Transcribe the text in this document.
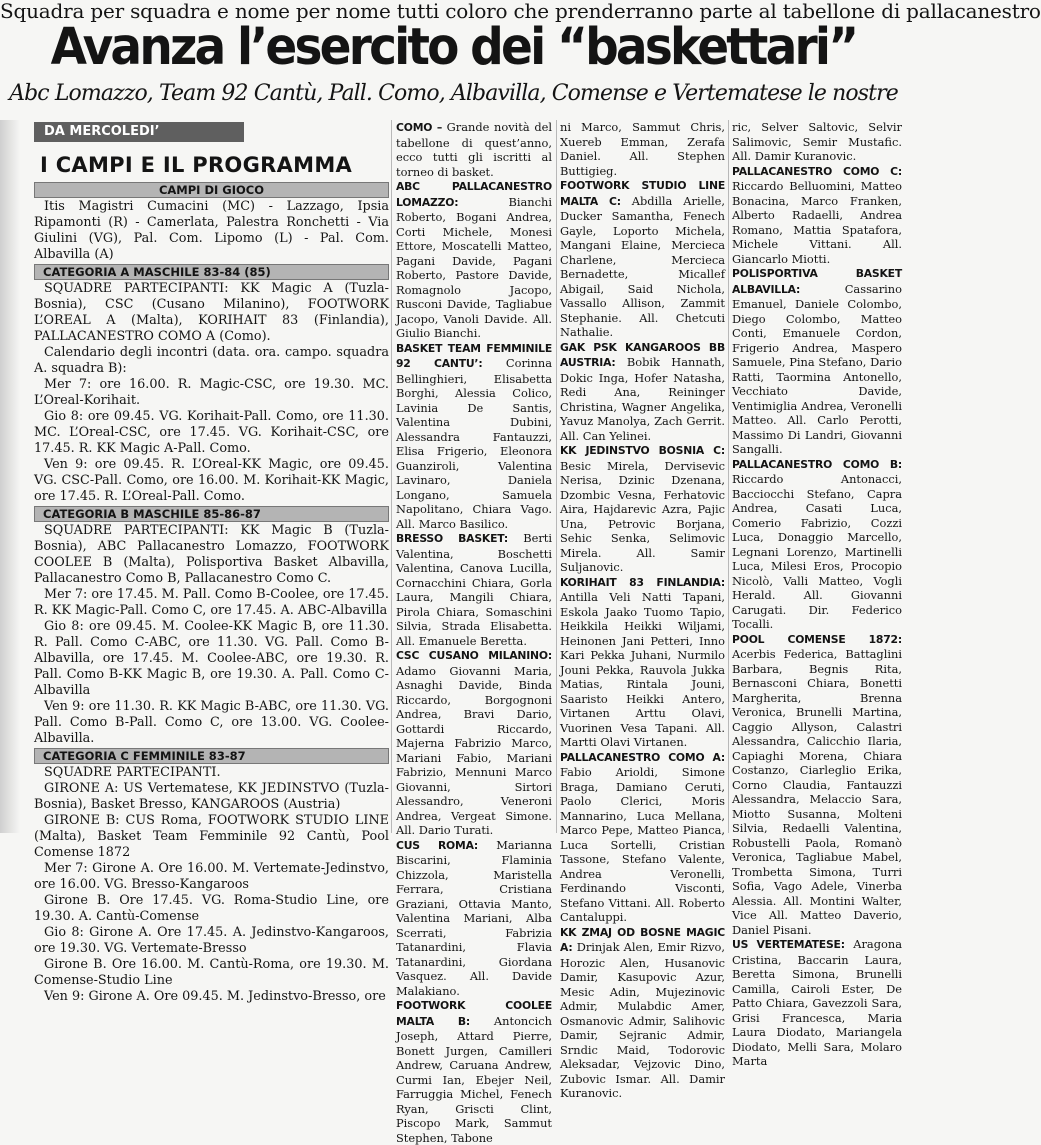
Squadra per squadra e nome per nome tutti coloro che prenderranno parte al tabellone di pallacanestro
Avanza l’esercito dei “baskettari”
Abc Lomazzo, Team 92 Cantù, Pall. Como, Albavilla, Comense e Vertematese le nostre
DA MERCOLEDI’
I CAMPI E IL PROGRAMMA
CAMPI DI GIOCO

Itis Magistri Cumacini (MC) - Lazzago, Ipsia Ripamonti (R) - Camerlata, Palestra Ronchetti - Via Giulini (VG), Pal. Com. Lipomo (L) - Pal. Com. Albavilla (A)

CATEGORIA A MASCHILE 83-84 (85)

SQUADRE PARTECIPANTI: KK Magic A (Tuzla-Bosnia), CSC (Cusano Milanino), FOOTWORK L’OREAL A (Malta), KORIHAIT 83 (Finlandia), PALLACANESTRO COMO A (Como).

Calendario degli incontri (data. ora. campo. squadra A. squadra B):

Mer 7: ore 16.00. R. Magic-CSC, ore 19.30. MC. L’Oreal-Korihait.

Gio 8: ore 09.45. VG. Korihait-Pall. Como, ore 11.30. MC. L’Oreal-CSC, ore 17.45. VG. Korihait-CSC, ore 17.45. R. KK Magic A-Pall. Como.

Ven 9: ore 09.45. R. L’Oreal-KK Magic, ore 09.45. VG. CSC-Pall. Como, ore 16.00. M. Korihait-KK Magic, ore 17.45. R. L’Oreal-Pall. Como.

CATEGORIA B MASCHILE 85-86-87

SQUADRE PARTECIPANTI: KK Magic B (Tuzla-Bosnia), ABC Pallacanestro Lomazzo, FOOTWORK COOLEE B (Malta), Polisportiva Basket Albavilla, Pallacanestro Como B, Pallacanestro Como C.

Mer 7: ore 17.45. M. Pall. Como B-Coolee, ore 17.45. R. KK Magic-Pall. Como C, ore 17.45. A. ABC-Albavilla

Gio 8: ore 09.45. M. Coolee-KK Magic B, ore 11.30. R. Pall. Como C-ABC, ore 11.30. VG. Pall. Como B-Albavilla, ore 17.45. M. Coolee-ABC, ore 19.30. R. Pall. Como B-KK Magic B, ore 19.30. A. Pall. Como C-Albavilla

Ven 9: ore 11.30. R. KK Magic B-ABC, ore 11.30. VG. Pall. Como B-Pall. Como C, ore 13.00. VG. Coolee-Albavilla.

CATEGORIA C FEMMINILE 83-87

SQUADRE PARTECIPANTI.

GIRONE A: US Vertematese, KK JEDINSTVO (Tuzla-Bosnia), Basket Bresso, KANGAROOS (Austria)

GIRONE B: CUS Roma, FOOTWORK STUDIO LINE (Malta), Basket Team Femminile 92 Cantù, Pool Comense 1872

Mer 7: Girone A. Ore 16.00. M. Vertemate-Jedinstvo, ore 16.00. VG. Bresso-Kangaroos

Girone B. Ore 17.45. VG. Roma-Studio Line, ore 19.30. A. Cantù-Comense

Gio 8: Girone A. Ore 17.45. A. Jedinstvo-Kangaroos, ore 19.30. VG. Vertemate-Bresso

Girone B. Ore 16.00. M. Cantù-Roma, ore 19.30. M. Comense-Studio Line

Ven 9: Girone A. Ore 09.45. M. Jedinstvo-Bresso, ore

COMO – Grande novità del tabellone di quest’anno, ecco tutti gli iscritti al torneo di basket.

ABC PALLACANESTRO LOMAZZO: Bianchi Roberto, Bogani Andrea, Corti Michele, Monesi Ettore, Moscatelli Matteo, Pagani Davide, Pagani Roberto, Pastore Davide, Romagnolo Jacopo, Rusconi Davide, Tagliabue Jacopo, Vanoli Davide. All. Giulio Bianchi.

BASKET TEAM FEMMINILE 92 CANTU’: Corinna Bellinghieri, Elisabetta Borghi, Alessia Colico, Lavinia De Santis, Valentina Dubini, Alessandra Fantauzzi, Elisa Frigerio, Eleonora Guanziroli, Valentina Lavinaro, Daniela Longano, Samuela Napolitano, Chiara Vago. All. Marco Basilico.

BRESSO BASKET: Berti Valentina, Boschetti Valentina, Canova Lucilla, Cornacchini Chiara, Gorla Laura, Mangili Chiara, Pirola Chiara, Somaschini Silvia, Strada Elisabetta. All. Emanuele Beretta.

CSC CUSANO MILANINO: Adamo Giovanni Maria, Asnaghi Davide, Binda Riccardo, Borgognoni Andrea, Bravi Dario, Gottardi Riccardo, Majerna Fabrizio Marco, Mariani Fabio, Mariani Fabrizio, Mennuni Marco Giovanni, Sirtori Alessandro, Veneroni Andrea, Vergeat Simone. All. Dario Turati.

CUS ROMA: Marianna Biscarini, Flaminia Chizzola, Maristella Ferrara, Cristiana Graziani, Ottavia Manto, Valentina Mariani, Alba Scerrati, Fabrizia Tatanardini, Flavia Tatanardini, Giordana Vasquez. All. Davide Malakiano.

FOOTWORK COOLEE MALTA B: Antoncich Joseph, Attard Pierre, Bonett Jurgen, Camilleri Andrew, Caruana Andrew, Curmi Ian, Ebejer Neil, Farruggia Michel, Fenech Ryan, Griscti Clint, Piscopo Mark, Sammut Stephen, Tabone

ni Marco, Sammut Chris, Xuereb Emman, Zerafa Daniel. All. Stephen Buttigieg.

FOOTWORK STUDIO LINE MALTA C: Abdilla Arielle, Ducker Samantha, Fenech Gayle, Loporto Michela, Mangani Elaine, Mercieca Charlene, Mercieca Bernadette, Micallef Abigail, Said Nichola, Vassallo Allison, Zammit Stephanie. All. Chetcuti Nathalie.

GAK PSK KANGAROOS BB AUSTRIA: Bobik Hannath, Dokic Inga, Hofer Natasha, Redi Ana, Reininger Christina, Wagner Angelika, Yavuz Manolya, Zach Gerrit. All. Can Yelinei.

KK JEDINSTVO BOSNIA C: Besic Mirela, Dervisevic Nerisa, Dzinic Dzenana, Dzombic Vesna, Ferhatovic Aira, Hajdarevic Azra, Pajic Una, Petrovic Borjana, Sehic Senka, Selimovic Mirela. All. Samir Suljanovic.

KORIHAIT 83 FINLANDIA: Antilla Veli Natti Tapani, Eskola Jaako Tuomo Tapio, Heikkila Heikki Wiljami, Heinonen Jani Petteri, Inno Kari Pekka Juhani, Nurmilo Jouni Pekka, Rauvola Jukka Matias, Rintala Jouni, Saaristo Heikki Antero, Virtanen Arttu Olavi, Vuorinen Vesa Tapani. All. Martti Olavi Virtanen.

PALLACANESTRO COMO A: Fabio Arioldi, Simone Braga, Damiano Ceruti, Paolo Clerici, Moris Mannarino, Luca Mellana, Marco Pepe, Matteo Pianca, Luca Sortelli, Cristian Tassone, Stefano Valente, Andrea Veronelli, Ferdinando Visconti, Stefano Vittani. All. Roberto Cantaluppi.

KK ZMAJ OD BOSNE MAGIC A: Drinjak Alen, Emir Rizvo, Horozic Alen, Husanovic Damir, Kasupovic Azur, Mesic Adin, Mujezinovic Admir, Mulabdic Amer, Osmanovic Admir, Salihovic Damir, Sejranic Admir, Srndic Maid, Todorovic Aleksadar, Vejzovic Dino, Zubovic Ismar. All. Damir Kuranovic.

ric, Selver Saltovic, Selvir Salimovic, Semir Mustafic. All. Damir Kuranovic.

PALLACANESTRO COMO C: Riccardo Belluomini, Matteo Bonacina, Marco Franken, Alberto Radaelli, Andrea Romano, Mattia Spatafora, Michele Vittani. All. Giancarlo Miotti.

POLISPORTIVA BASKET ALBAVILLA: Cassarino Emanuel, Daniele Colombo, Diego Colombo, Matteo Conti, Emanuele Cordon, Frigerio Andrea, Maspero Samuele, Pina Stefano, Dario Ratti, Taormina Antonello, Vecchiato Davide, Ventimiglia Andrea, Veronelli Matteo. All. Carlo Perotti, Massimo Di Landri, Giovanni Sangalli.

PALLACANESTRO COMO B: Riccardo Antonacci, Bacciocchi Stefano, Capra Andrea, Casati Luca, Comerio Fabrizio, Cozzi Luca, Donaggio Marcello, Legnani Lorenzo, Martinelli Luca, Milesi Eros, Procopio Nicolò, Valli Matteo, Vogli Herald. All. Giovanni Carugati. Dir. Federico Tocalli.

POOL COMENSE 1872: Acerbis Federica, Battaglini Barbara, Begnis Rita, Bernasconi Chiara, Bonetti Margherita, Brenna Veronica, Brunelli Martina, Caggio Allyson, Calastri Alessandra, Calicchio Ilaria, Capiaghi Morena, Chiara Costanzo, Ciarleglio Erika, Corno Claudia, Fantauzzi Alessandra, Melaccio Sara, Miotto Susanna, Molteni Silvia, Redaelli Valentina, Robustelli Paola, Romanò Veronica, Tagliabue Mabel, Trombetta Simona, Turri Sofia, Vago Adele, Vinerba Alessia. All. Montini Walter, Vice All. Matteo Daverio, Daniel Pisani.

US VERTEMATESE: Aragona Cristina, Baccarin Laura, Beretta Simona, Brunelli Camilla, Cairoli Ester, De Patto Chiara, Gavezzoli Sara, Grisi Francesca, Maria Laura Diodato, Mariangela Diodato, Melli Sara, Molaro Marta
